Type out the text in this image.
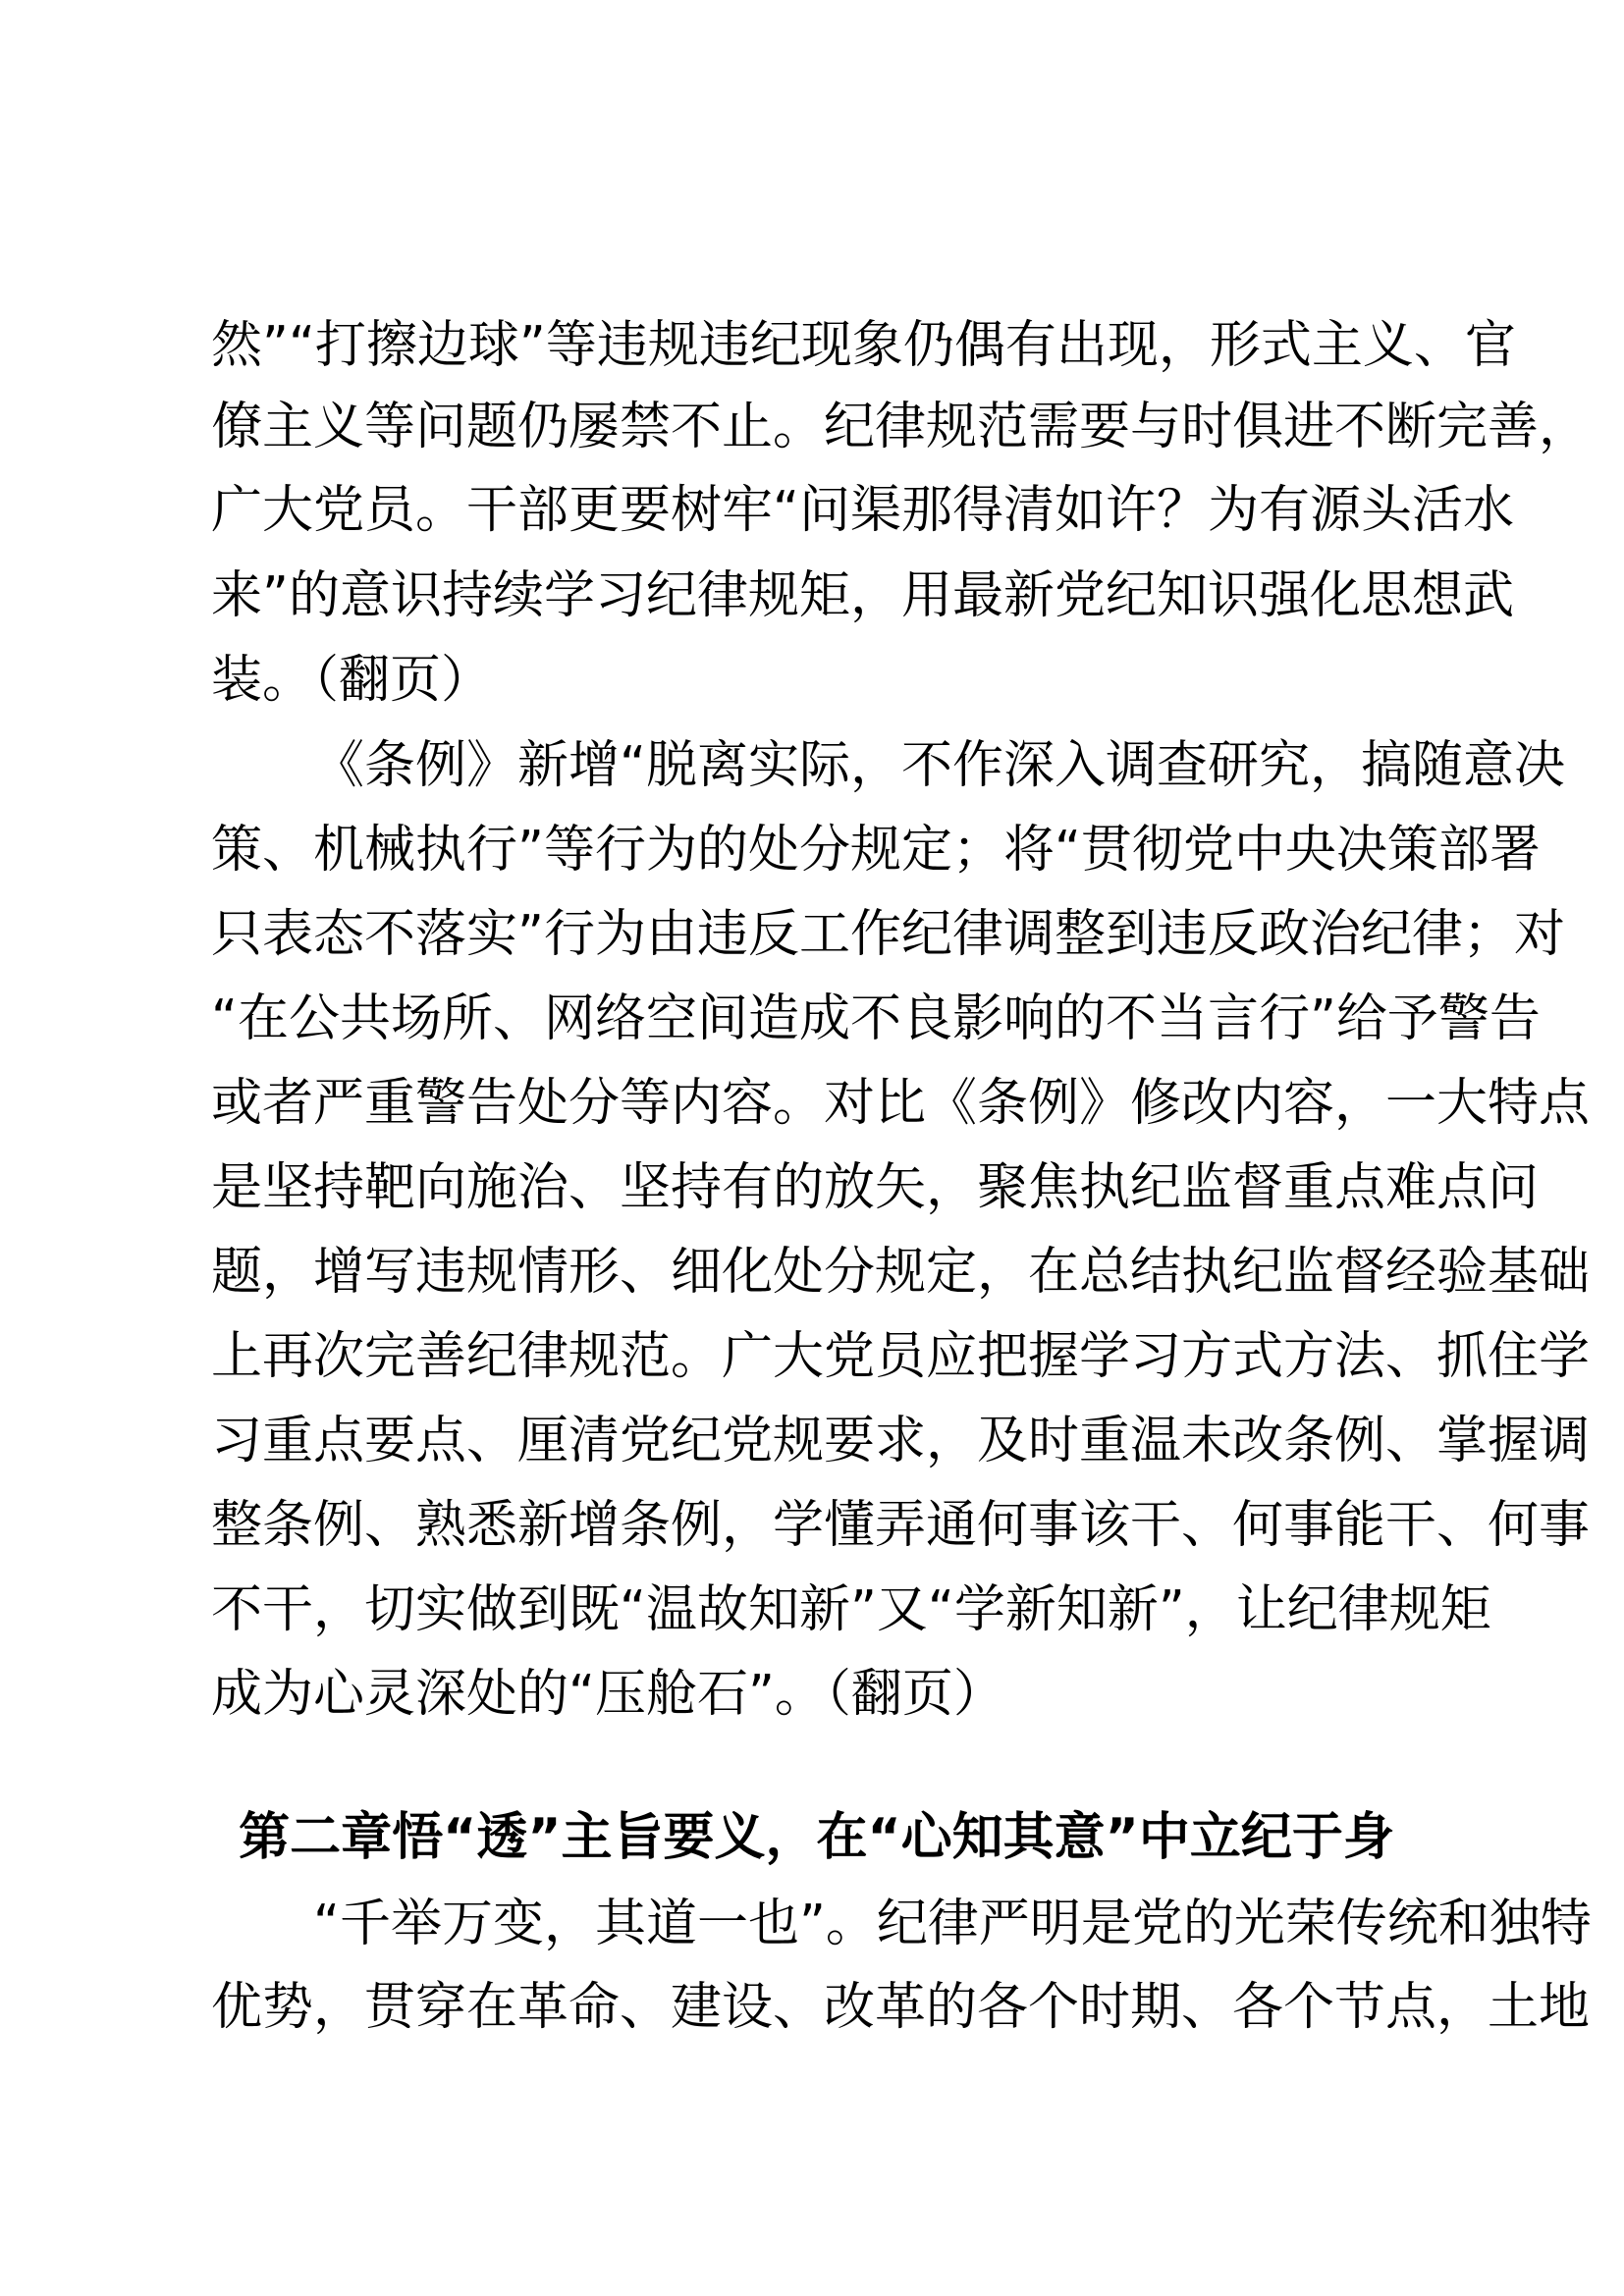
然”“打擦边球”等违规违纪现象仍偶有出现，形式主义、官
僚主义等问题仍屡禁不止。纪律规范需要与时俱进不断完善，
广大党员。干部更要树牢“问渠那得清如许？为有源头活水
来”的意识持续学习纪律规矩，用最新党纪知识强化思想武
装。（翻页）
《条例》新增“脱离实际，不作深入调查研究，搞随意决
策、机械执行”等行为的处分规定；将“贯彻党中央决策部署
只表态不落实”行为由违反工作纪律调整到违反政治纪律；对
“在公共场所、网络空间造成不良影响的不当言行”给予警告
或者严重警告处分等内容。对比《条例》修改内容，一大特点
是坚持靶向施治、坚持有的放矢，聚焦执纪监督重点难点问
题，增写违规情形、细化处分规定，在总结执纪监督经验基础
上再次完善纪律规范。广大党员应把握学习方式方法、抓住学
习重点要点、厘清党纪党规要求，及时重温未改条例、掌握调
整条例、熟悉新增条例，学懂弄通何事该干、何事能干、何事
不干，切实做到既“温故知新”又“学新知新”，让纪律规矩
成为心灵深处的“压舱石”。（翻页）
第二章悟“透”主旨要义，在“心知其意”中立纪于身
“千举万变，其道一也”。纪律严明是党的光荣传统和独特
优势，贯穿在革命、建设、改革的各个时期、各个节点，土地
